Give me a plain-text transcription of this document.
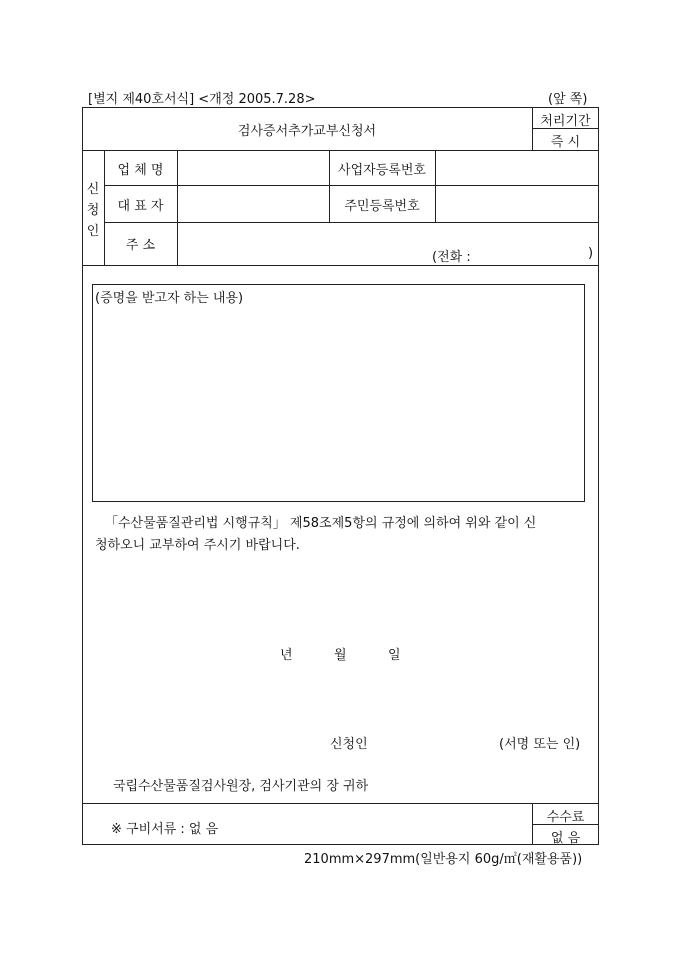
[별지 제40호서식] <개정 2005.7.28>	(앞 쪽)
검사증서추가교부신청서
처리기간
즉 시
신
청
인
업 체 명	사업자등록번호
대 표 자	주민등록번호
주 소
(전화 :	)
(증명을 받고자 하는 내용)
「수산물품질관리법 시행규칙」 제58조제5항의 규정에 의하여 위와 같이 신
청하오니 교부하여 주시기 바랍니다.
년	월	일
신청인	(서명 또는 인)
국립수산물품질검사원장, 검사기관의 장 귀하
※ 구비서류 : 없 음
수수료
없 음
210mm×297mm(일반용지 60g/㎡(재활용품))
